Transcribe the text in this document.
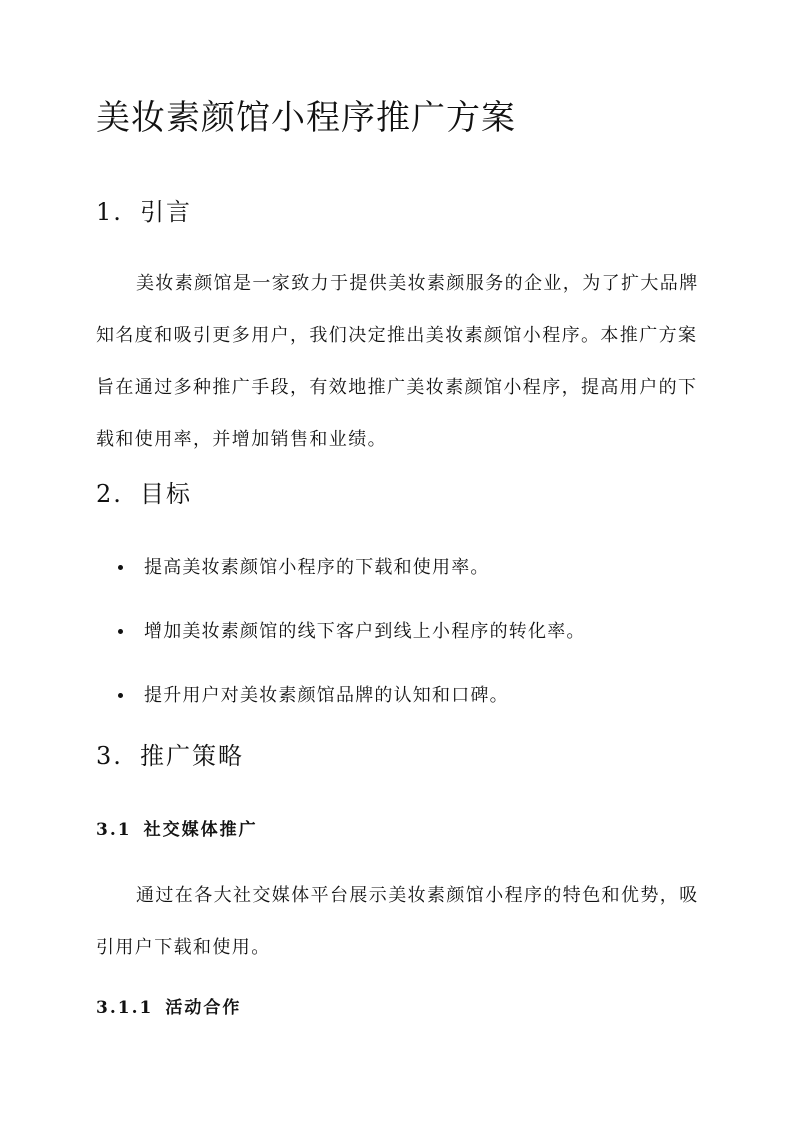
美妆素颜馆小程序推广方案
1. 引言

美妆素颜馆是一家致力于提供美妆素颜服务的企业，为了扩大品牌知名度和吸引更多用户，我们决定推出美妆素颜馆小程序。本推广方案旨在通过多种推广手段，有效地推广美妆素颜馆小程序，提高用户的下载和使用率，并增加销售和业绩。

2. 目标
提高美妆素颜馆小程序的下载和使用率。
增加美妆素颜馆的线下客户到线上小程序的转化率。
提升用户对美妆素颜馆品牌的认知和口碑。
3. 推广策略
3.1 社交媒体推广

通过在各大社交媒体平台展示美妆素颜馆小程序的特色和优势，吸引用户下载和使用。

3.1.1 活动合作
